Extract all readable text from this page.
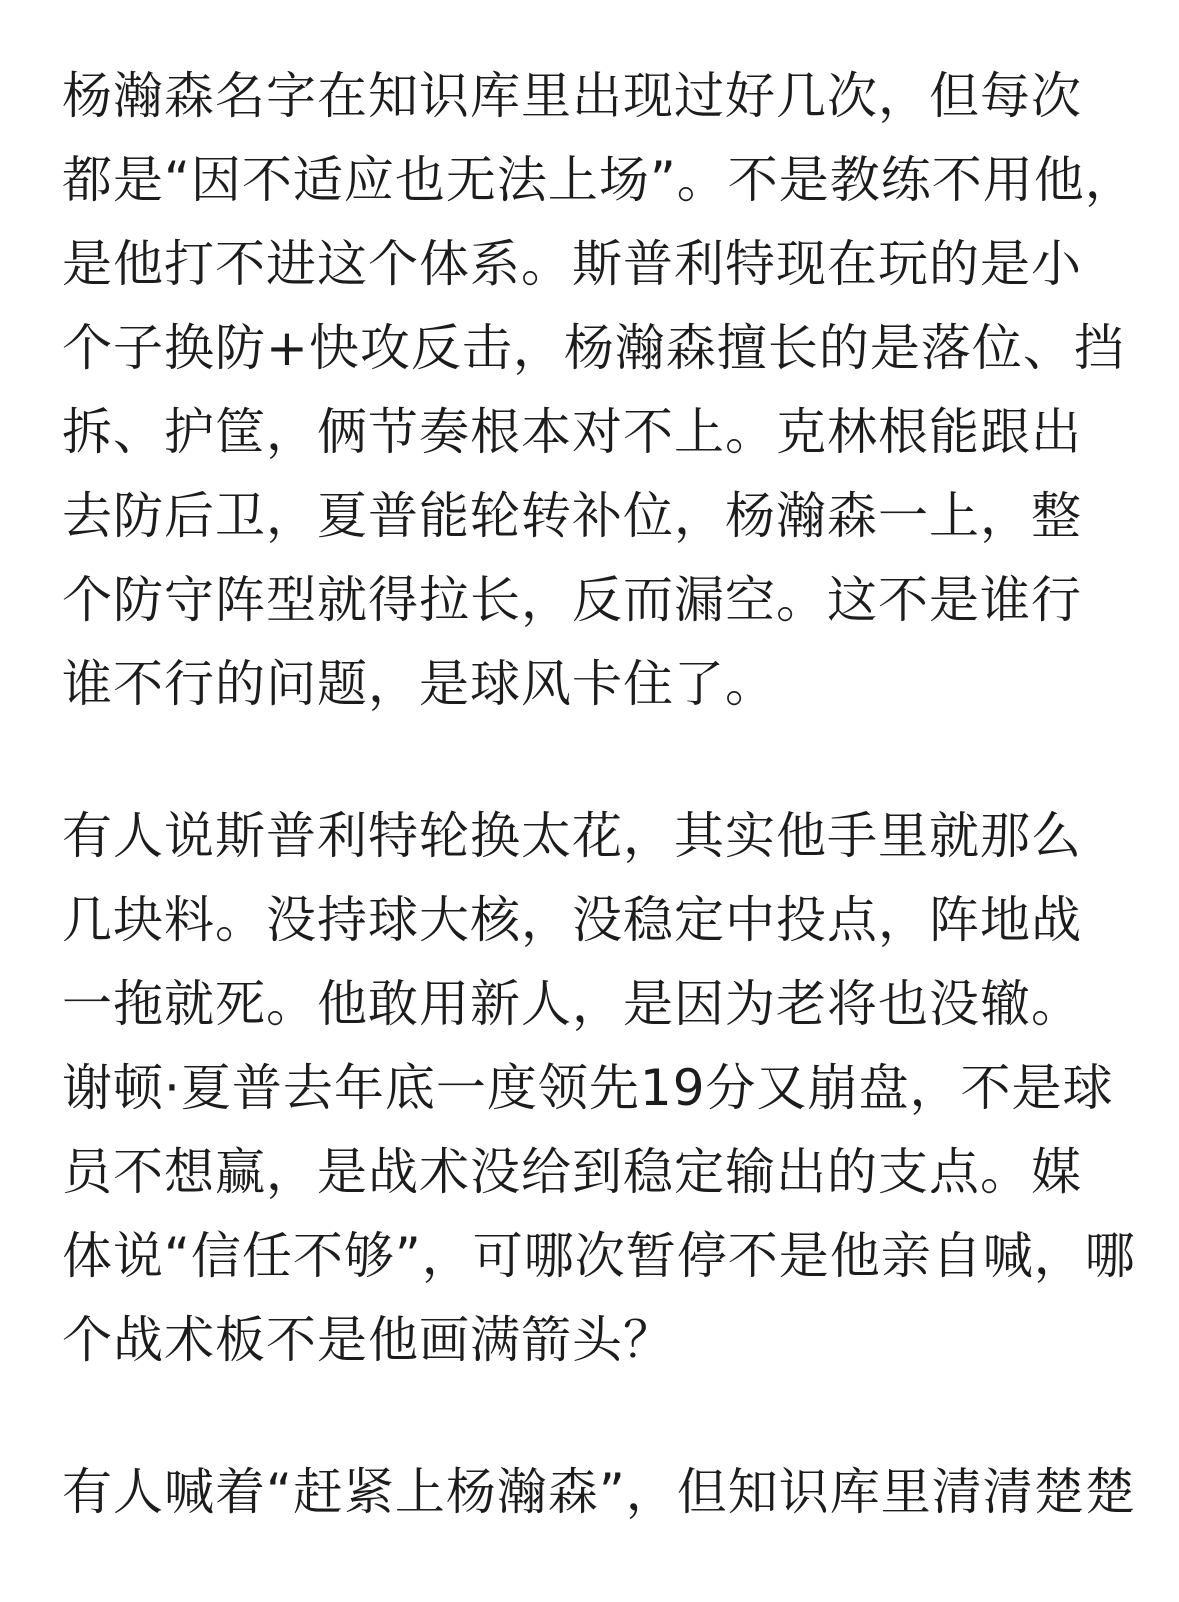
杨瀚森名字在知识库里出现过好几次，但每次
都是“因不适应也无法上场”。不是教练不用他，
是他打不进这个体系。斯普利特现在玩的是小
个子换防+快攻反击，杨瀚森擅长的是落位、挡
拆、护筐，俩节奏根本对不上。克林根能跟出
去防后卫，夏普能轮转补位，杨瀚森一上，整
个防守阵型就得拉长，反而漏空。这不是谁行
谁不行的问题，是球风卡住了。

有人说斯普利特轮换太花，其实他手里就那么
几块料。没持球大核，没稳定中投点，阵地战
一拖就死。他敢用新人，是因为老将也没辙。
谢顿·夏普去年底一度领先19分又崩盘，不是球
员不想赢，是战术没给到稳定输出的支点。媒
体说“信任不够”，可哪次暂停不是他亲自喊，哪
个战术板不是他画满箭头？

有人喊着“赶紧上杨瀚森”，但知识库里清清楚楚
